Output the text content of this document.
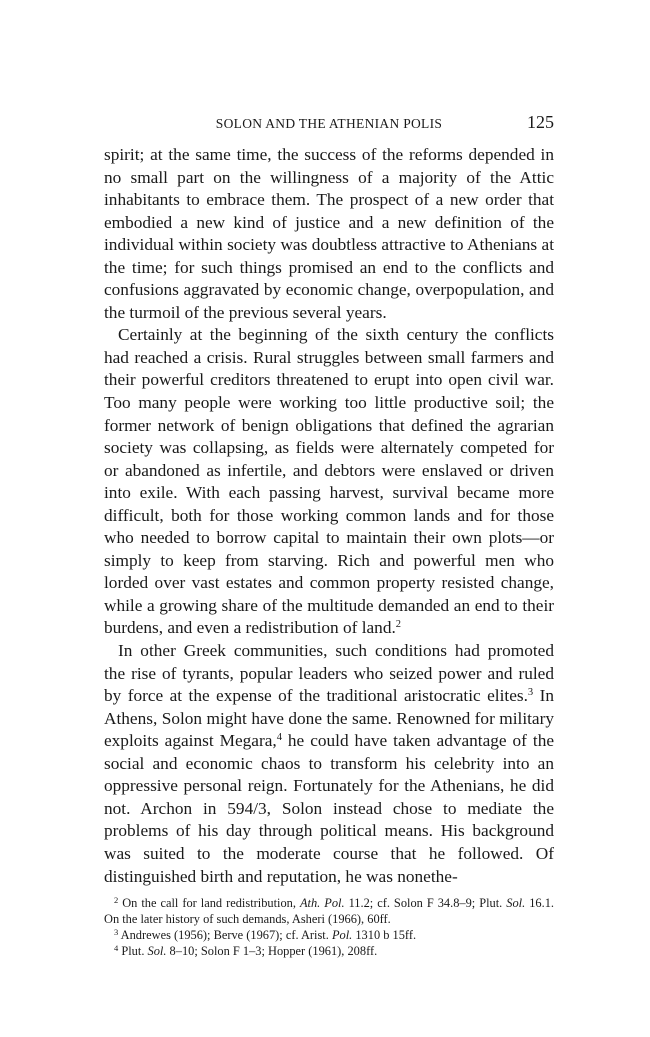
SOLON AND THE ATHENIAN POLIS	125

spirit; at the same time, the success of the reforms depended in no small part on the willingness of a majority of the Attic inhabitants to embrace them. The prospect of a new order that embodied a new kind of justice and a new definition of the individual within society was doubtless attractive to Athenians at the time; for such things promised an end to the conflicts and confusions aggravated by economic change, overpopulation, and the turmoil of the previous several years.

Certainly at the beginning of the sixth century the conflicts had reached a crisis. Rural struggles between small farmers and their powerful creditors threatened to erupt into open civil war. Too many people were working too little productive soil; the former network of benign obligations that defined the agrarian society was collapsing, as fields were alternately competed for or abandoned as infertile, and debtors were enslaved or driven into exile. With each passing harvest, survival became more difficult, both for those working common lands and for those who needed to borrow capital to maintain their own plots—or simply to keep from starving. Rich and powerful men who lorded over vast estates and common property resisted change, while a growing share of the multitude demanded an end to their burdens, and even a redistribution of land.$^2$

In other Greek communities, such conditions had promoted the rise of tyrants, popular leaders who seized power and ruled by force at the expense of the traditional aristocratic elites.$^3$ In Athens, Solon might have done the same. Renowned for military exploits against Megara,$^4$ he could have taken advantage of the social and economic chaos to transform his celebrity into an oppressive personal reign. Fortunately for the Athenians, he did not. Archon in 594/3, Solon instead chose to mediate the problems of his day through political means. His background was suited to the moderate course that he followed. Of distinguished birth and reputation, he was nonethe-

$^2$ On the call for land redistribution, Ath. Pol. 11.2; cf. Solon F 34.8–9; Plut. Sol. 16.1. On the later history of such demands, Asheri (1966), 60ff.

$^3$ Andrewes (1956); Berve (1967); cf. Arist. Pol. 1310 b 15ff.

$^4$ Plut. Sol. 8–10; Solon F 1–3; Hopper (1961), 208ff.
